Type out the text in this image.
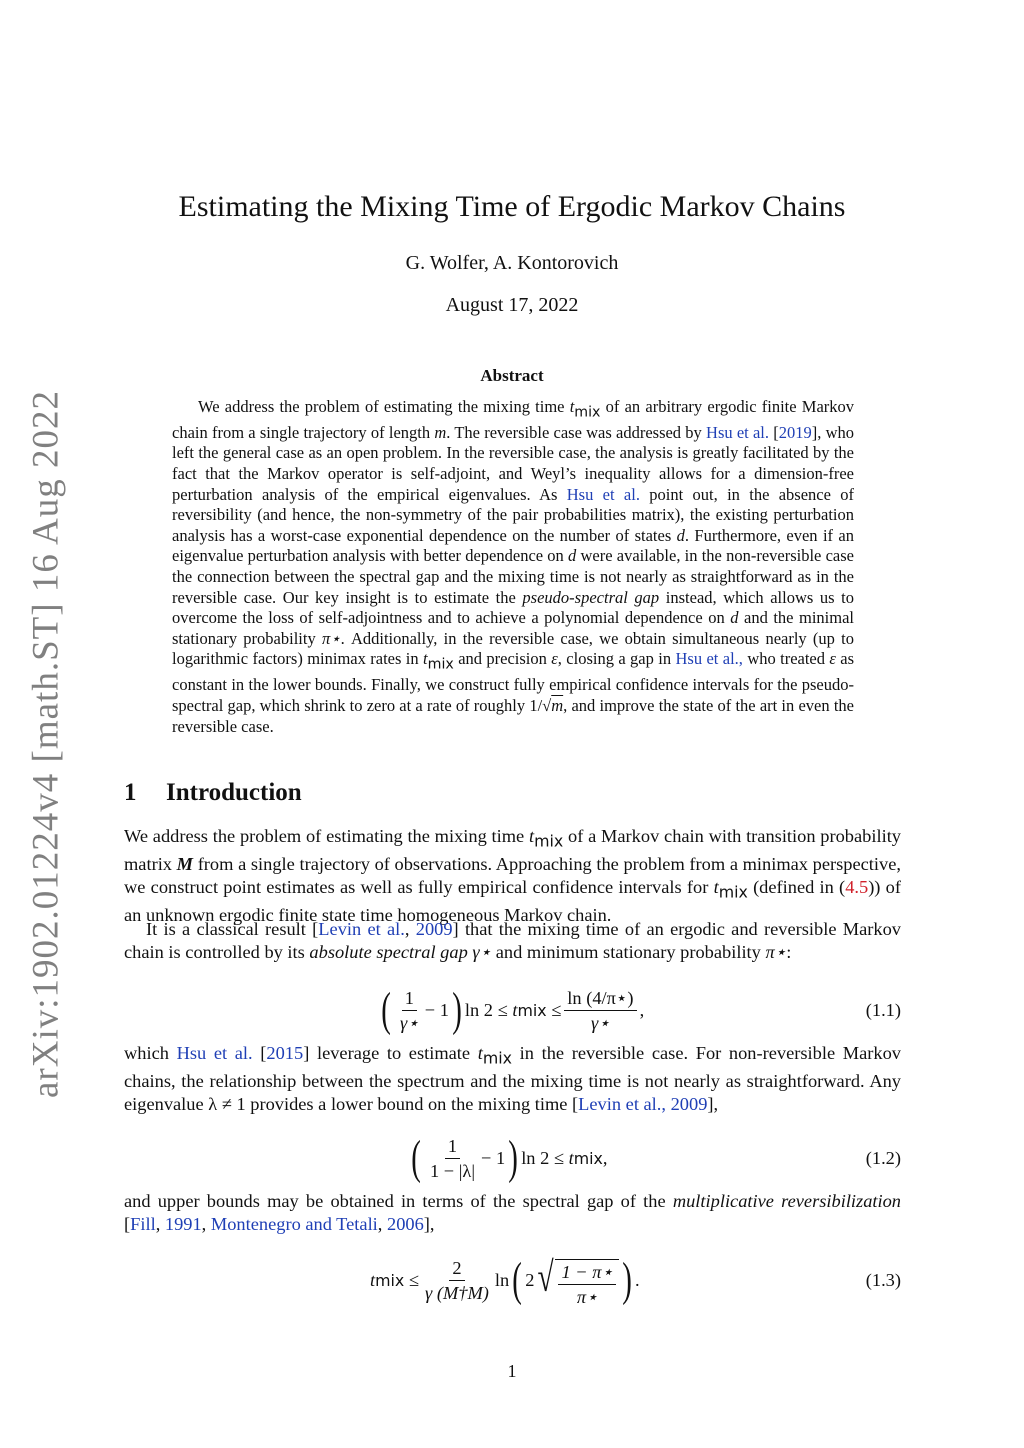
arXiv:1902.01224v4 [math.ST] 16 Aug 2022
Estimating the Mixing Time of Ergodic Markov Chains
G. Wolfer, A. Kontorovich
August 17, 2022
Abstract
We address the problem of estimating the mixing time $t_{mix}$ of an arbitrary ergodic finite Markov chain from a single trajectory of length m. The reversible case was addressed by Hsu et al. [2019], who left the general case as an open problem. In the reversible case, the analysis is greatly facilitated by the fact that the Markov operator is self-adjoint, and Weyl’s inequality allows for a dimension-free perturbation analysis of the empirical eigenvalues. As Hsu et al. point out, in the absence of reversibility (and hence, the non-symmetry of the pair probabilities matrix), the existing perturbation analysis has a worst-case exponential dependence on the number of states d. Furthermore, even if an eigenvalue perturbation analysis with better dependence on d were available, in the non-reversible case the connection between the spectral gap and the mixing time is not nearly as straightforward as in the reversible case. Our key insight is to estimate the pseudo-spectral gap instead, which allows us to overcome the loss of self-adjointness and to achieve a polynomial dependence on d and the minimal stationary probability π⋆. Additionally, in the reversible case, we obtain simultaneous nearly (up to logarithmic factors) minimax rates in $t_{mix}$ and precision ε, closing a gap in Hsu et al., who treated ε as constant in the lower bounds. Finally, we construct fully empirical confidence intervals for the pseudo-spectral gap, which shrink to zero at a rate of roughly 1/√m, and improve the state of the art in even the reversible case.
1 Introduction
We address the problem of estimating the mixing time $t_{mix}$ of a Markov chain with transition probability matrix M from a single trajectory of observations. Approaching the problem from a minimax perspective, we construct point estimates as well as fully empirical confidence intervals for $t_{mix}$ (defined in (4.5)) of an unknown ergodic finite state time homogeneous Markov chain.
It is a classical result [Levin et al., 2009] that the mixing time of an ergodic and reversible Markov chain is controlled by its absolute spectral gap γ⋆ and minimum stationary probability π⋆:
( $\frac{1}{\gamma⋆} - 1$ ) ln 2 ≤
t mix
≤ $\frac{\ln (4/\pi⋆)}{\gamma⋆}$ ,	(1.1)
which Hsu et al. [2015] leverage to estimate $t_{mix}$ in the reversible case. For non-reversible Markov chains, the relationship between the spectrum and the mixing time is not nearly as straightforward. Any eigenvalue λ ≠ 1 provides a lower bound on the mixing time [Levin et al., 2009],
( $\frac{1}{1 - |\lambda|} - 1$ ) ln 2 ≤
t mix ,	(1.2)
and upper bounds may be obtained in terms of the spectral gap of the multiplicative reversibilization [Fill, 1991, Montenegro and Tetali, 2006],
t mix
≤ $\frac{2}{\gamma (M\dagger M)}$ ln ( 2 √ $\frac{1 - \pi⋆}{\pi⋆}$ ) .	(1.3)
1
